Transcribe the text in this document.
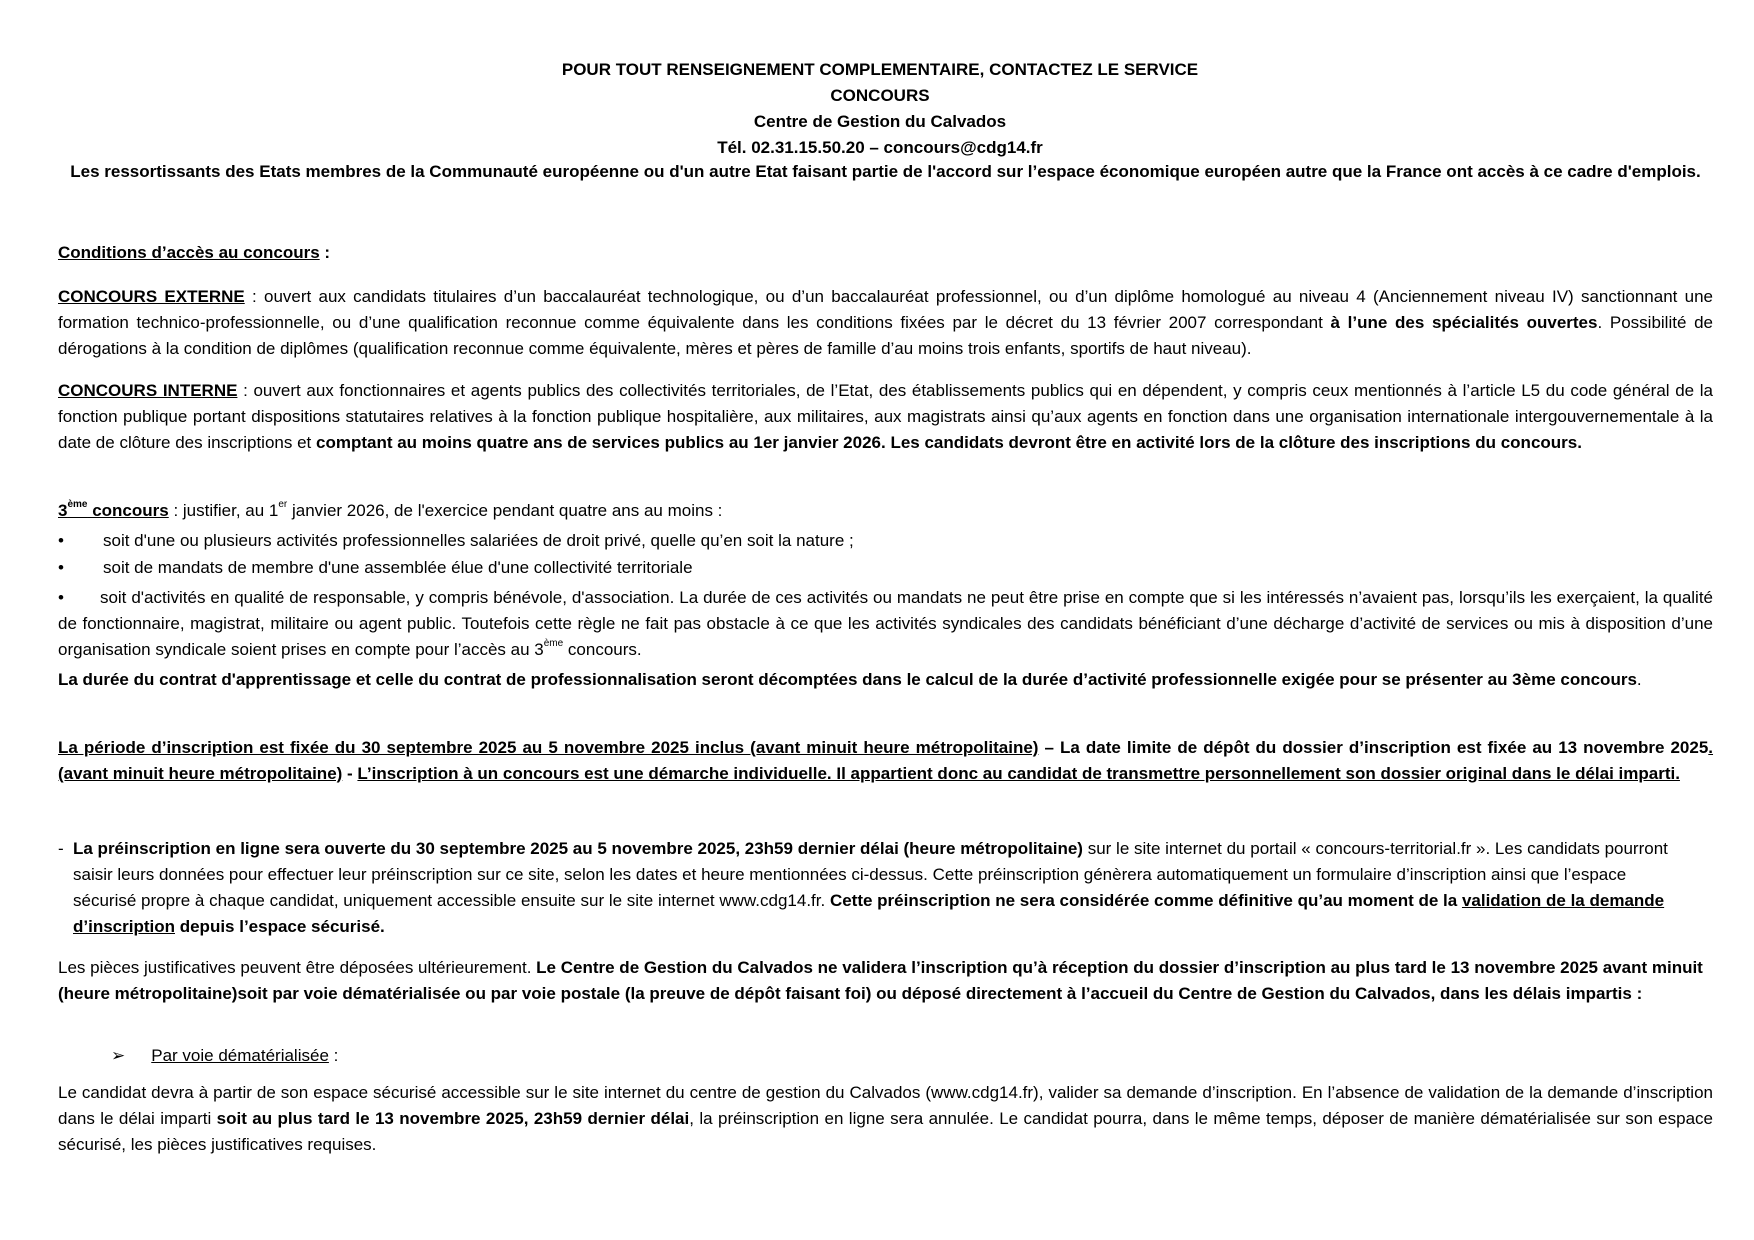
POUR TOUT RENSEIGNEMENT COMPLEMENTAIRE, CONTACTEZ LE SERVICE CONCOURS
Centre de Gestion du Calvados
Tél. 02.31.15.50.20 – concours@cdg14.fr
Les ressortissants des Etats membres de la Communauté européenne ou d'un autre Etat faisant partie de l'accord sur l’espace économique européen autre que la France ont accès à ce cadre d'emplois.
Conditions d’accès au concours :
CONCOURS EXTERNE : ouvert aux candidats titulaires d’un baccalauréat technologique, ou d’un baccalauréat professionnel, ou d’un diplôme homologué au niveau 4 (Anciennement niveau IV) sanctionnant une formation technico-professionnelle, ou d’une qualification reconnue comme équivalente dans les conditions fixées par le décret du 13 février 2007 correspondant à l’une des spécialités ouvertes. Possibilité de dérogations à la condition de diplômes (qualification reconnue comme équivalente, mères et pères de famille d’au moins trois enfants, sportifs de haut niveau).
CONCOURS INTERNE : ouvert aux fonctionnaires et agents publics des collectivités territoriales, de l’Etat, des établissements publics qui en dépendent, y compris ceux mentionnés à l’article L5 du code général de la fonction publique portant dispositions statutaires relatives à la fonction publique hospitalière, aux militaires, aux magistrats ainsi qu’aux agents en fonction dans une organisation internationale intergouvernementale à la date de clôture des inscriptions et comptant au moins quatre ans de services publics au 1er janvier 2026. Les candidats devront être en activité lors de la clôture des inscriptions du concours.
3ème concours : justifier, au 1er janvier 2026, de l'exercice pendant quatre ans au moins :
• soit d'une ou plusieurs activités professionnelles salariées de droit privé, quelle qu’en soit la nature ;
• soit de mandats de membre d'une assemblée élue d'une collectivité territoriale
• soit d'activités en qualité de responsable, y compris bénévole, d'association. La durée de ces activités ou mandats ne peut être prise en compte que si les intéressés n’avaient pas, lorsqu’ils les exerçaient, la qualité de fonctionnaire, magistrat, militaire ou agent public. Toutefois cette règle ne fait pas obstacle à ce que les activités syndicales des candidats bénéficiant d’une décharge d’activité de services ou mis à disposition d’une organisation syndicale soient prises en compte pour l’accès au 3ème concours.
La durée du contrat d'apprentissage et celle du contrat de professionnalisation seront décomptées dans le calcul de la durée d’activité professionnelle exigée pour se présenter au 3ème concours.
La période d’inscription est fixée du 30 septembre 2025 au 5 novembre 2025 inclus (avant minuit heure métropolitaine) – La date limite de dépôt du dossier d’inscription est fixée au 13 novembre 2025. (avant minuit heure métropolitaine) - L’inscription à un concours est une démarche individuelle. Il appartient donc au candidat de transmettre personnellement son dossier original dans le délai imparti.
- La préinscription en ligne sera ouverte du 30 septembre 2025 au 5 novembre 2025, 23h59 dernier délai (heure métropolitaine) sur le site internet du portail « concours-territorial.fr ». Les candidats pourront saisir leurs données pour effectuer leur préinscription sur ce site, selon les dates et heure mentionnées ci-dessus. Cette préinscription génèrera automatiquement un formulaire d’inscription ainsi que l’espace sécurisé propre à chaque candidat, uniquement accessible ensuite sur le site internet www.cdg14.fr. Cette préinscription ne sera considérée comme définitive qu’au moment de la validation de la demande d’inscription depuis l’espace sécurisé.
Les pièces justificatives peuvent être déposées ultérieurement. Le Centre de Gestion du Calvados ne validera l’inscription qu’à réception du dossier d’inscription au plus tard le 13 novembre 2025 avant minuit (heure métropolitaine)soit par voie dématérialisée ou par voie postale (la preuve de dépôt faisant foi) ou déposé directement à l’accueil du Centre de Gestion du Calvados, dans les délais impartis :
➢ Par voie dématérialisée :
Le candidat devra à partir de son espace sécurisé accessible sur le site internet du centre de gestion du Calvados (www.cdg14.fr), valider sa demande d’inscription. En l’absence de validation de la demande d’inscription dans le délai imparti soit au plus tard le 13 novembre 2025, 23h59 dernier délai, la préinscription en ligne sera annulée. Le candidat pourra, dans le même temps, déposer de manière dématérialisée sur son espace sécurisé, les pièces justificatives requises.
